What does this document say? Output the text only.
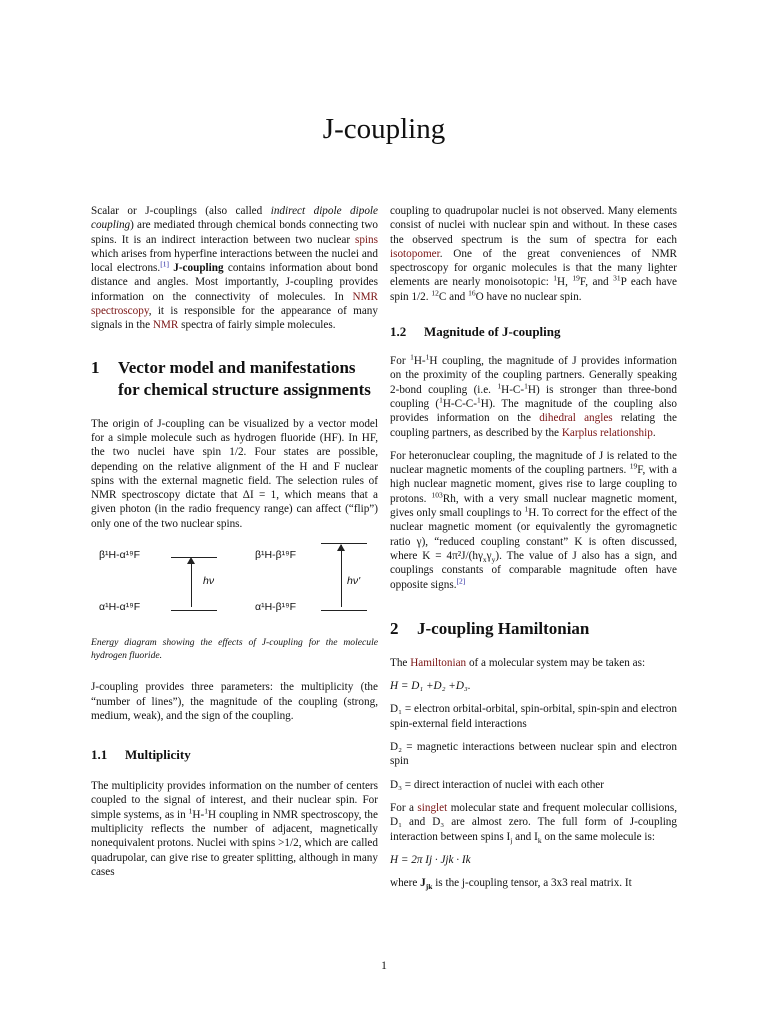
J-coupling

Scalar or J-couplings (also called indirect dipole dipole coupling) are mediated through chemical bonds connecting two spins. It is an indirect interaction between two nuclear spins which arises from hyperfine interactions between the nuclei and local electrons.[1] J-coupling contains information about bond distance and angles. Most importantly, J-coupling provides information on the connectivity of molecules. In NMR spectroscopy, it is responsible for the appearance of many signals in the NMR spectra of fairly simple molecules.

1	Vector model and manifestations for chemical structure assignments

The origin of J-coupling can be visualized by a vector model for a simple molecule such as hydrogen fluoride (HF). In HF, the two nuclei have spin 1/2. Four states are possible, depending on the relative alignment of the H and F nuclear spins with the external magnetic field. The selection rules of NMR spectroscopy dictate that ΔI = 1, which means that a given photon (in the radio frequency range) can affect (“flip”) only one of the two nuclear spins.

β¹H-α¹⁹F
hν
α¹H-α¹⁹F
β¹H-β¹⁹F
hν'
α¹H-β¹⁹F

Energy diagram showing the effects of J-coupling for the molecule hydrogen fluoride.

J-coupling provides three parameters: the multiplicity (the “number of lines”), the magnitude of the coupling (strong, medium, weak), and the sign of the coupling.

1.1	Multiplicity

The multiplicity provides information on the number of centers coupled to the signal of interest, and their nuclear spin. For simple systems, as in $^1$H-$^1$H coupling in NMR spectroscopy, the multiplicity reflects the number of adjacent, magnetically nonequivalent protons. Nuclei with spins >1/2, which are called quadrupolar, can give rise to greater splitting, although in many cases

coupling to quadrupolar nuclei is not observed. Many elements consist of nuclei with nuclear spin and without. In these cases the observed spectrum is the sum of spectra for each isotopomer. One of the great conveniences of NMR spectroscopy for organic molecules is that the many lighter elements are nearly monoisotopic: $^1$H, $^{19}$F, and $^{31}$P each have spin 1/2. $^{12}$C and $^{16}$O have no nuclear spin.

1.2	Magnitude of J-coupling

For $^1$H-$^1$H coupling, the magnitude of J provides information on the proximity of the coupling partners. Generally speaking 2-bond coupling (i.e. $^1$H-C-$^1$H) is stronger than three-bond coupling ($^1$H-C-C-$^1$H). The magnitude of the coupling also provides information on the dihedral angles relating the coupling partners, as described by the Karplus relationship.

For heteronuclear coupling, the magnitude of J is related to the nuclear magnetic moments of the coupling partners. $^{19}$F, with a high nuclear magnetic moment, gives rise to large coupling to protons. $^{103}$Rh, with a very small nuclear magnetic moment, gives only small couplings to $^1$H. To correct for the effect of the nuclear magnetic moment (or equivalently the gyromagnetic ratio γ), “reduced coupling constant” K is often discussed, where $K = 4\pi^2J/(h\gamma_x\gamma_y)$. The value of J also has a sign, and couplings constants of comparable magnitude often have opposite signs.[2]

2	J-coupling Hamiltonian

The Hamiltonian of a molecular system may be taken as:

H = D₁ +D₂ +D₃.

D₁ = electron orbital-orbital, spin-orbital, spin-spin and electron spin-external field interactions

D₂ = magnetic interactions between nuclear spin and electron spin

D₃ = direct interaction of nuclei with each other

For a singlet molecular state and frequent molecular collisions, D₁ and D₃ are almost zero. The full form of J-coupling interaction between spins $I_j$ and $I_k$ on the same molecule is:

H = 2π Ij · Jjk · Ik

where $J_{jk}$ is the j-coupling tensor, a 3x3 real matrix. It

1
